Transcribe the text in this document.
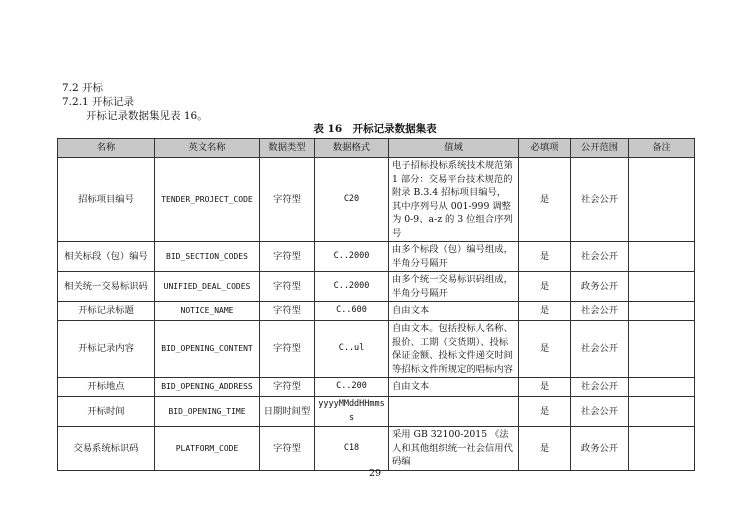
7.2 开标
7.2.1 开标记录
开标记录数据集见表 16。
表 16　开标记录数据集表
名称	英文名称	数据类型	数据格式	值域	必填项	公开范围	备注
招标项目编号	TENDER_PROJECT_CODE	字符型	C20	电子招标投标系统技术规范第 1 部分：交易平台技术规范的附录 B.3.4 招标项目编号，其中序列号从 001-999 调整为 0-9、a-z 的 3 位组合序列号	是	社会公开	
相关标段（包）编号	BID_SECTION_CODES	字符型	C..2000	由多个标段（包）编号组成，半角分号隔开	是	社会公开	
相关统一交易标识码	UNIFIED_DEAL_CODES	字符型	C..2000	由多个统一交易标识码组成，半角分号隔开	是	政务公开	
开标记录标题	NOTICE_NAME	字符型	C..600	自由文本	是	社会公开	
开标记录内容	BID_OPENING_CONTENT	字符型	C..ul	自由文本。包括投标人名称、报价、工期（交货期）、投标保证金额、投标文件递交时间等招标文件所规定的唱标内容	是	社会公开	
开标地点	BID_OPENING_ADDRESS	字符型	C..200	自由文本	是	社会公开	
开标时间	BID_OPENING_TIME	日期时间型	yyyyMMddHHmmss		是	社会公开	
交易系统标识码	PLATFORM_CODE	字符型	C18	采用 GB 32100-2015 《法人和其他组织统一社会信用代码编	是	政务公开	
29
